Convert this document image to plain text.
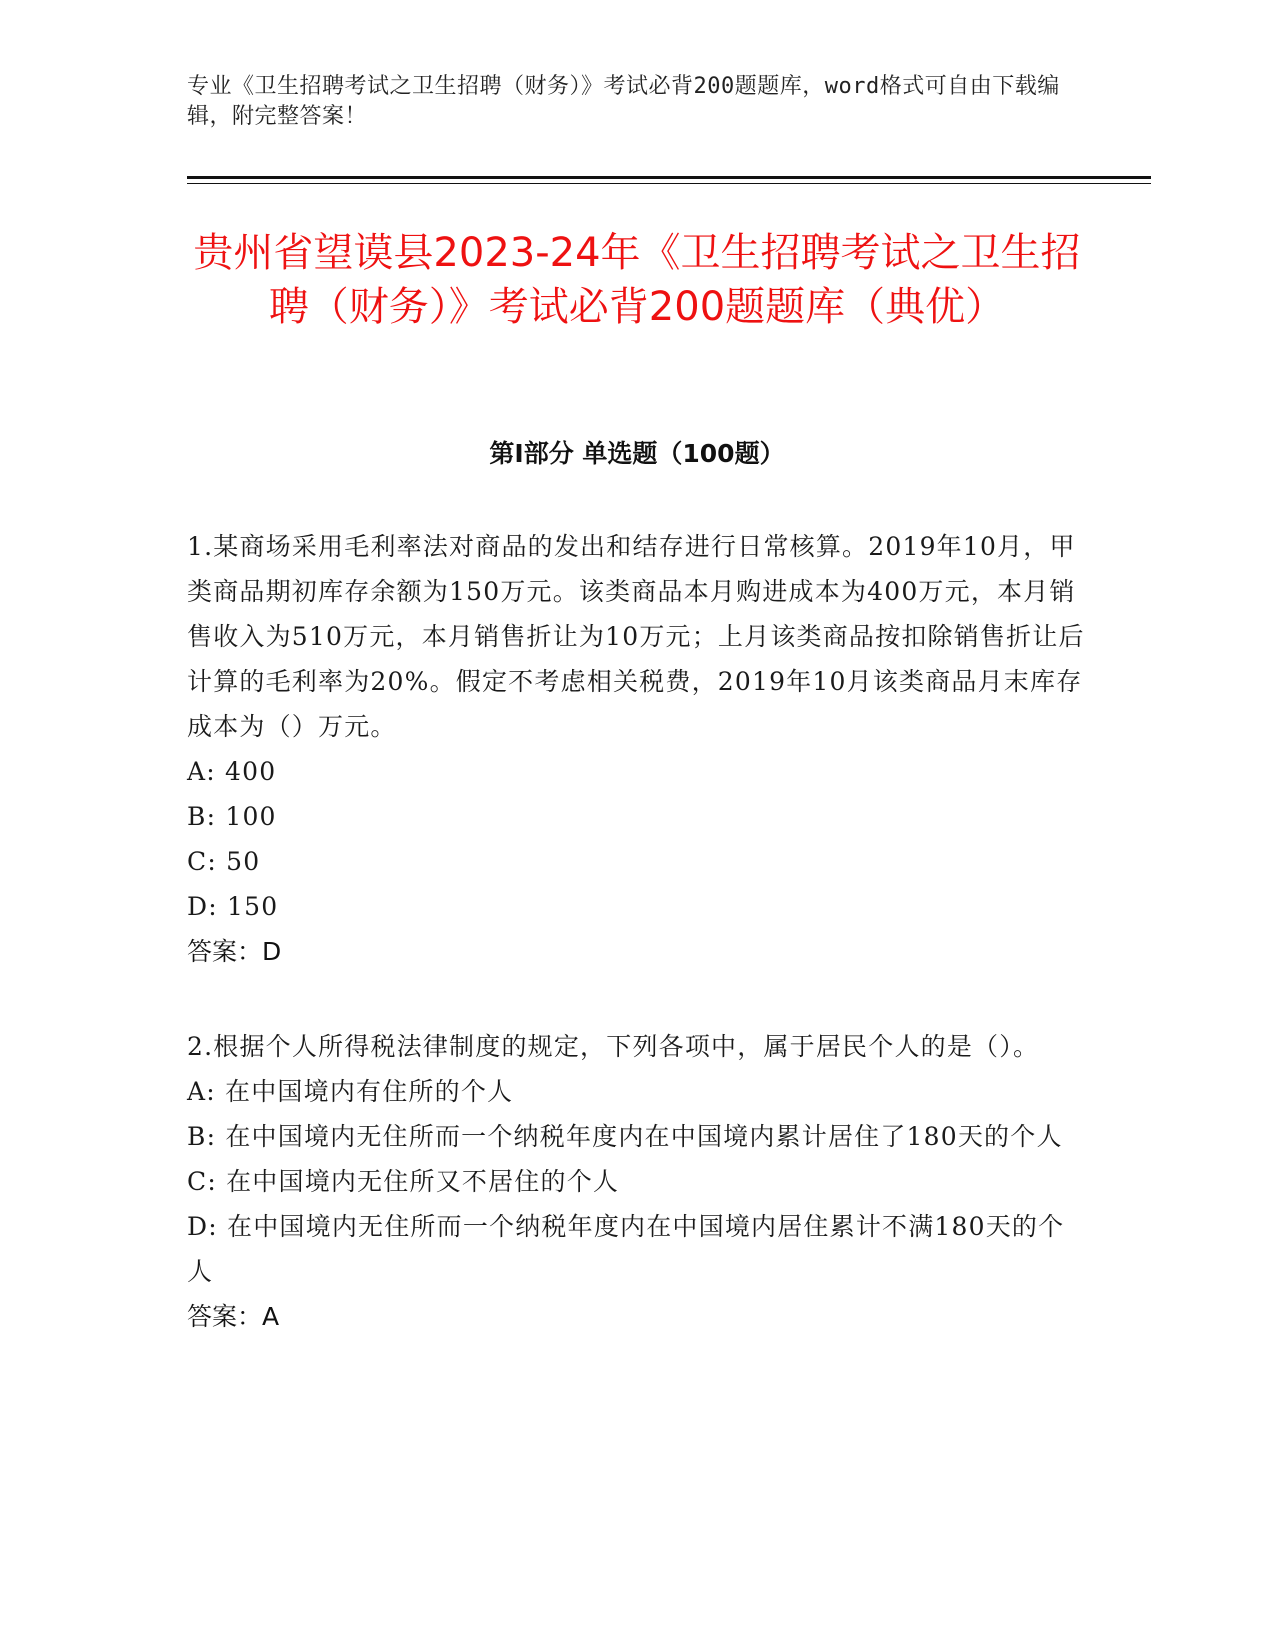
专业《卫生招聘考试之卫生招聘（财务）》考试必背200题题库，word格式可自由下载编辑，附完整答案！
贵州省望谟县2023-24年《卫生招聘考试之卫生招聘（财务）》考试必背200题题库（典优）
第I部分 单选题（100题）

1.某商场采用毛利率法对商品的发出和结存进行日常核算。2019年10月，甲类商品期初库存余额为150万元。该类商品本月购进成本为400万元，本月销售收入为510万元，本月销售折让为10万元；上月该类商品按扣除销售折让后计算的毛利率为20%。假定不考虑相关税费，2019年10月该类商品月末库存成本为（）万元。

A: 400

B: 100

C: 50

D: 150

答案：D

2.根据个人所得税法律制度的规定，下列各项中，属于居民个人的是（）。

A: 在中国境内有住所的个人

B: 在中国境内无住所而一个纳税年度内在中国境内累计居住了180天的个人

C: 在中国境内无住所又不居住的个人

D: 在中国境内无住所而一个纳税年度内在中国境内居住累计不满180天的个人

答案：A
